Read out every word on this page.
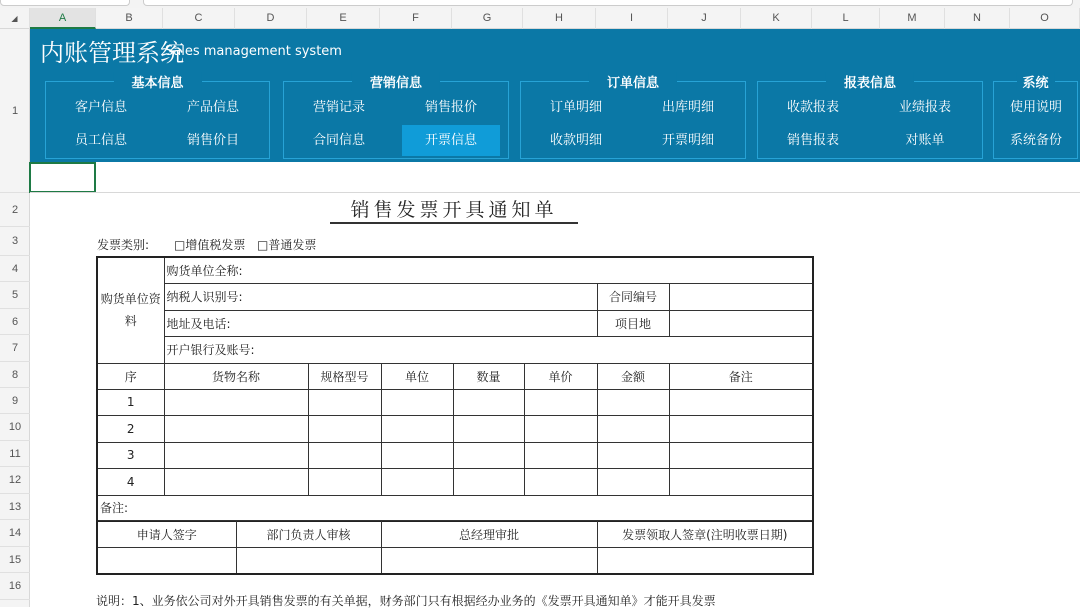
◢	A	B	C	D	E	F	G	H	I	J	K	L	M	N	O
1
2
3
4
5
6
7
8
9
10
11
12
13
14
15
16
内账管理系统
Sales management system
基本信息
客户信息	产品信息
员工信息	销售价目
营销信息
营销记录	销售报价
合同信息	开票信息
订单信息
订单明细	出库明细
收款明细	开票明细
报表信息
收款报表	业绩报表
销售报表	对账单
系统
使用说明
系统备份
销售发票开具通知单
发票类别: □增值税发票 □普通发票
购货单位资料	购货单位全称:						
	纳税人识别号:					合同编号	
	地址及电话:					项目地	
	开户银行及账号:						
序	货物名称	规格型号	单位	数量	单价	金额	备注
1							
2							
3							
4							
备注:							
申请人签字	部门负责人审核	总经理审批	发票领取人签章(注明收票日期)

说明：1、业务依公司对外开具销售发票的有关单据，财务部门只有根据经办业务的《发票开具通知单》才能开具发票
